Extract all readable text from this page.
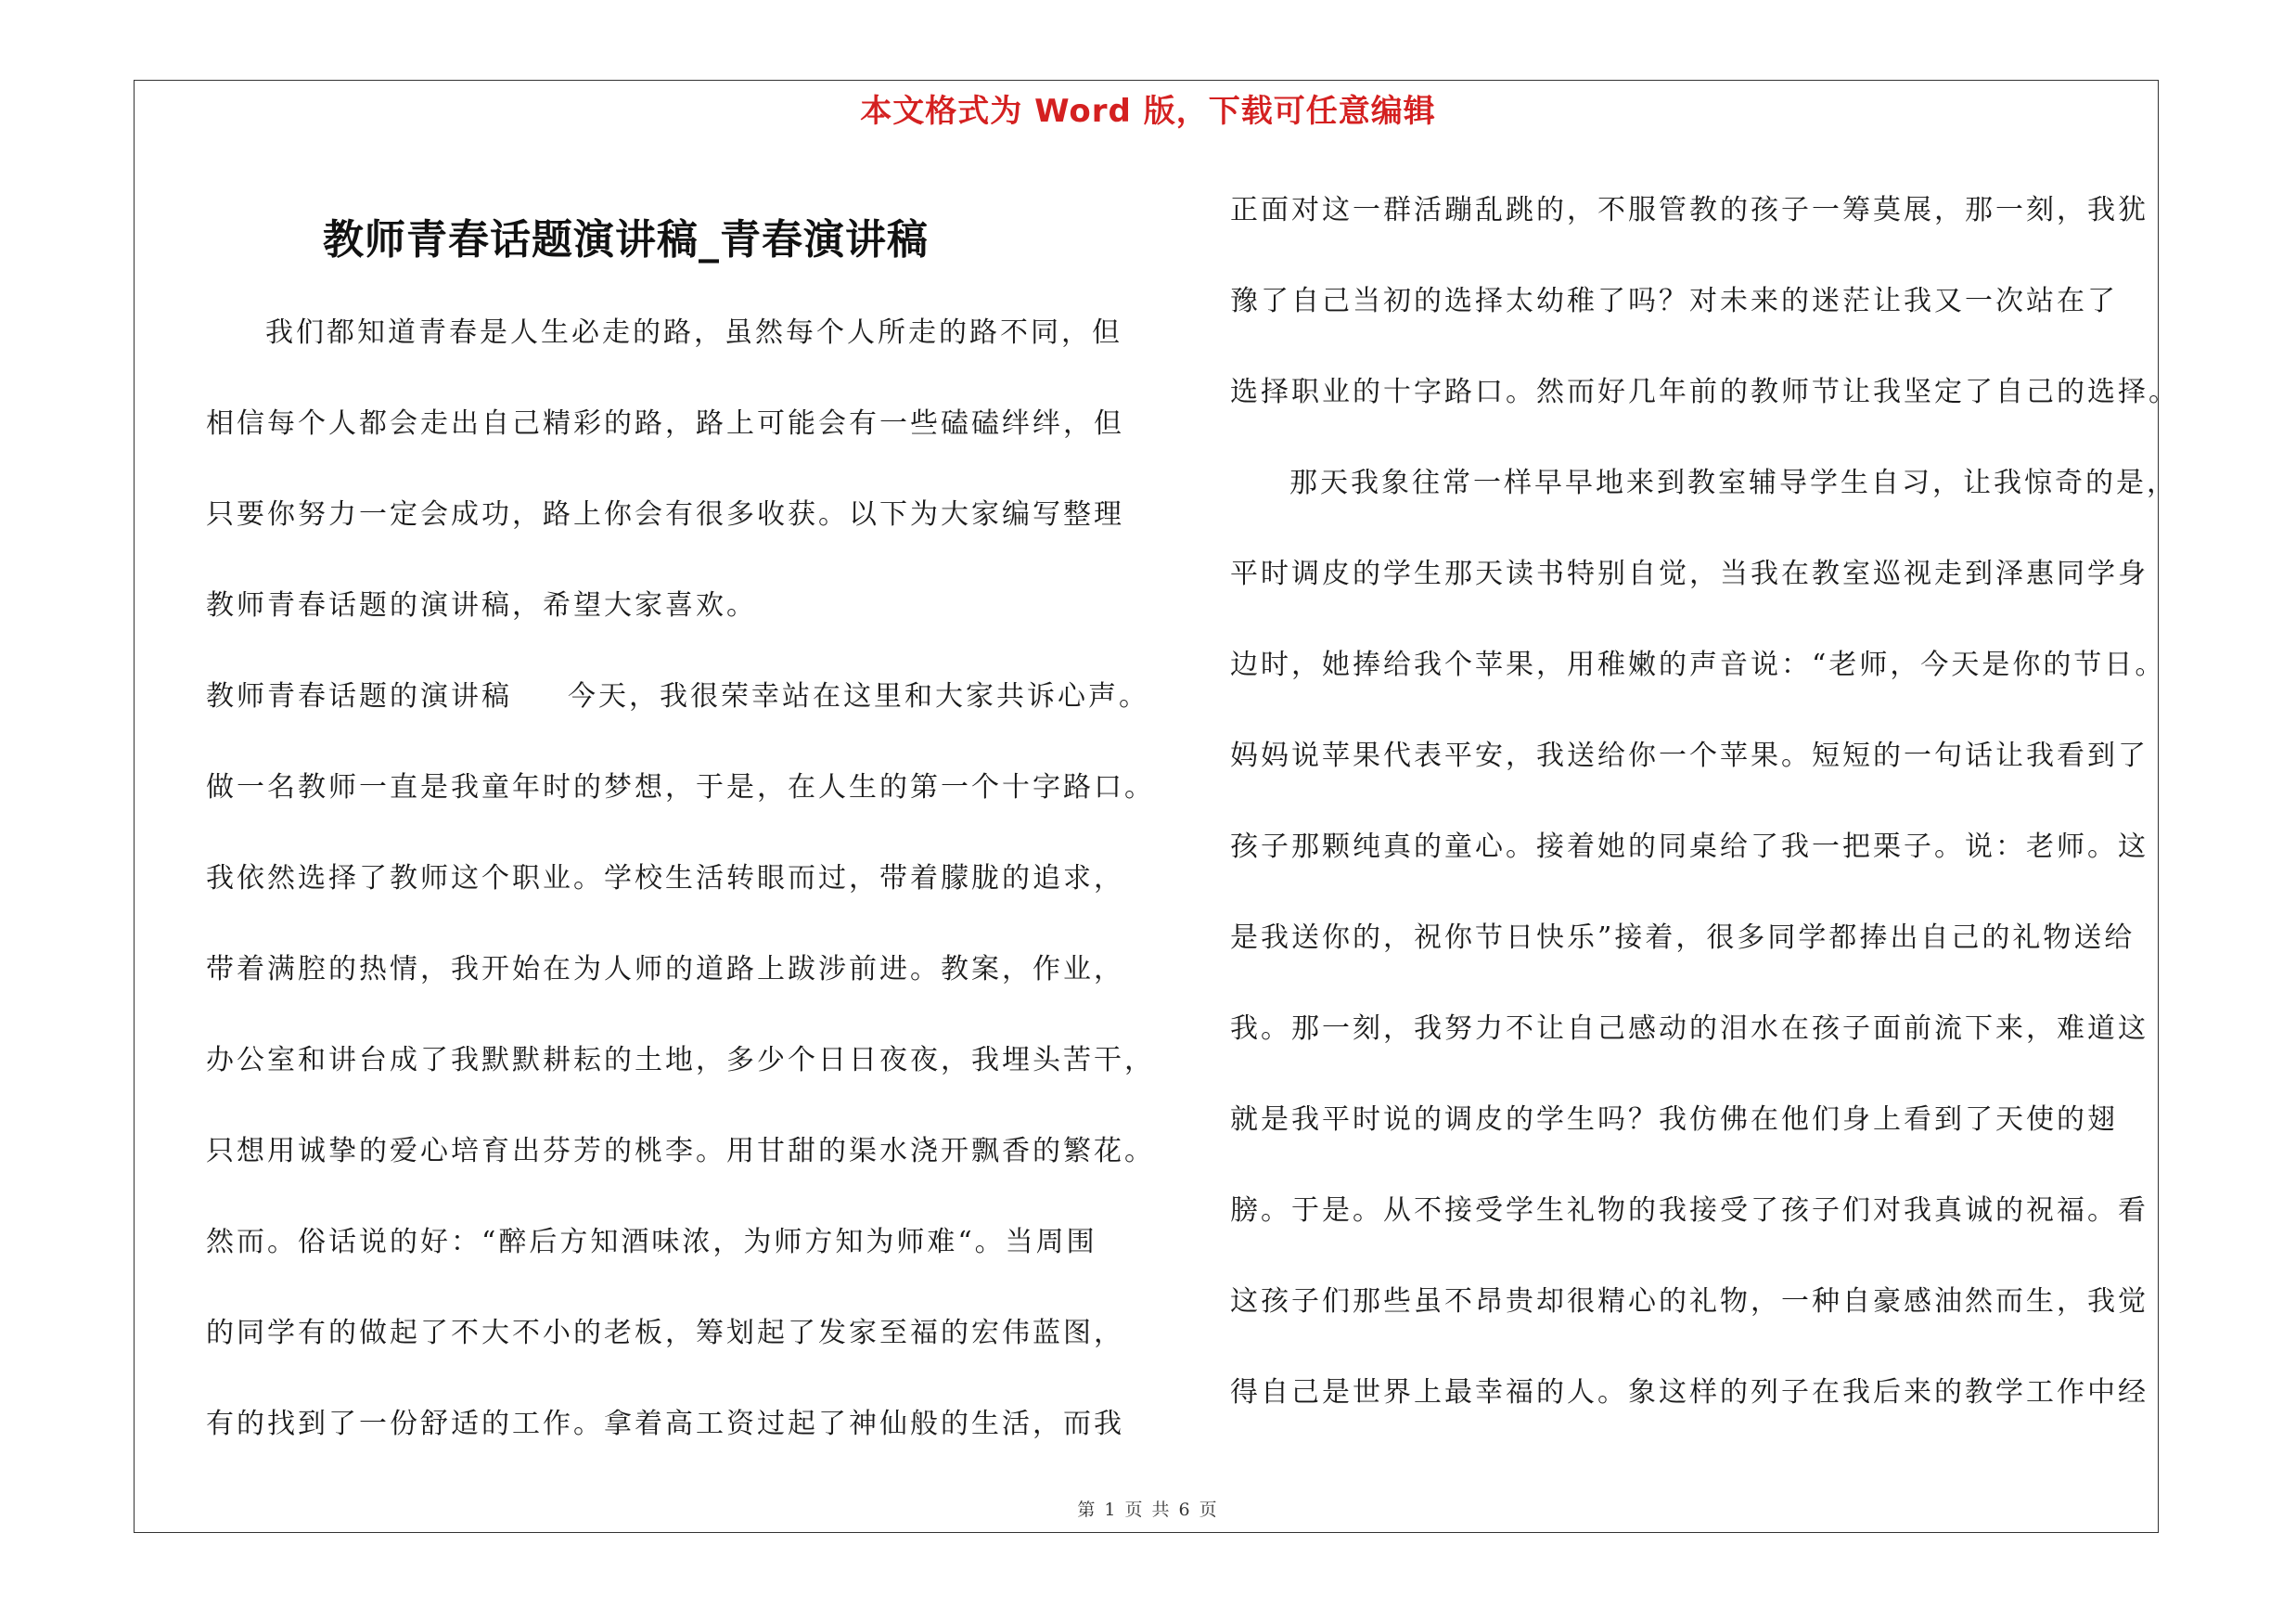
本文格式为 Word 版，下载可任意编辑
教师青春话题演讲稿_青春演讲稿
我们都知道青春是人生必走的路，虽然每个人所走的路不同，但
相信每个人都会走出自己精彩的路，路上可能会有一些磕磕绊绊，但
只要你努力一定会成功，路上你会有很多收获。以下为大家编写整理
教师青春话题的演讲稿，希望大家喜欢。
教师青春话题的演讲稿 今天，我很荣幸站在这里和大家共诉心声。
做一名教师一直是我童年时的梦想，于是，在人生的第一个十字路口。
我依然选择了教师这个职业。学校生活转眼而过，带着朦胧的追求，
带着满腔的热情，我开始在为人师的道路上跋涉前进。教案，作业，
办公室和讲台成了我默默耕耘的土地，多少个日日夜夜，我埋头苦干，
只想用诚挚的爱心培育出芬芳的桃李。用甘甜的渠水浇开飘香的繁花。
然而。俗话说的好：“醉后方知酒味浓，为师方知为师难“。当周围
的同学有的做起了不大不小的老板，筹划起了发家至福的宏伟蓝图，
有的找到了一份舒适的工作。拿着高工资过起了神仙般的生活，而我
正面对这一群活蹦乱跳的，不服管教的孩子一筹莫展，那一刻，我犹
豫了自己当初的选择太幼稚了吗？对未来的迷茫让我又一次站在了
选择职业的十字路口。然而好几年前的教师节让我坚定了自己的选择。
那天我象往常一样早早地来到教室辅导学生自习，让我惊奇的是，
平时调皮的学生那天读书特别自觉，当我在教室巡视走到泽惠同学身
边时，她捧给我个苹果，用稚嫩的声音说：“老师，今天是你的节日。
妈妈说苹果代表平安，我送给你一个苹果。短短的一句话让我看到了
孩子那颗纯真的童心。接着她的同桌给了我一把栗子。说：老师。这
是我送你的，祝你节日快乐”接着，很多同学都捧出自己的礼物送给
我。那一刻，我努力不让自己感动的泪水在孩子面前流下来，难道这
就是我平时说的调皮的学生吗？我仿佛在他们身上看到了天使的翅
膀。于是。从不接受学生礼物的我接受了孩子们对我真诚的祝福。看
这孩子们那些虽不昂贵却很精心的礼物，一种自豪感油然而生，我觉
得自己是世界上最幸福的人。象这样的列子在我后来的教学工作中经
第 1 页 共 6 页
